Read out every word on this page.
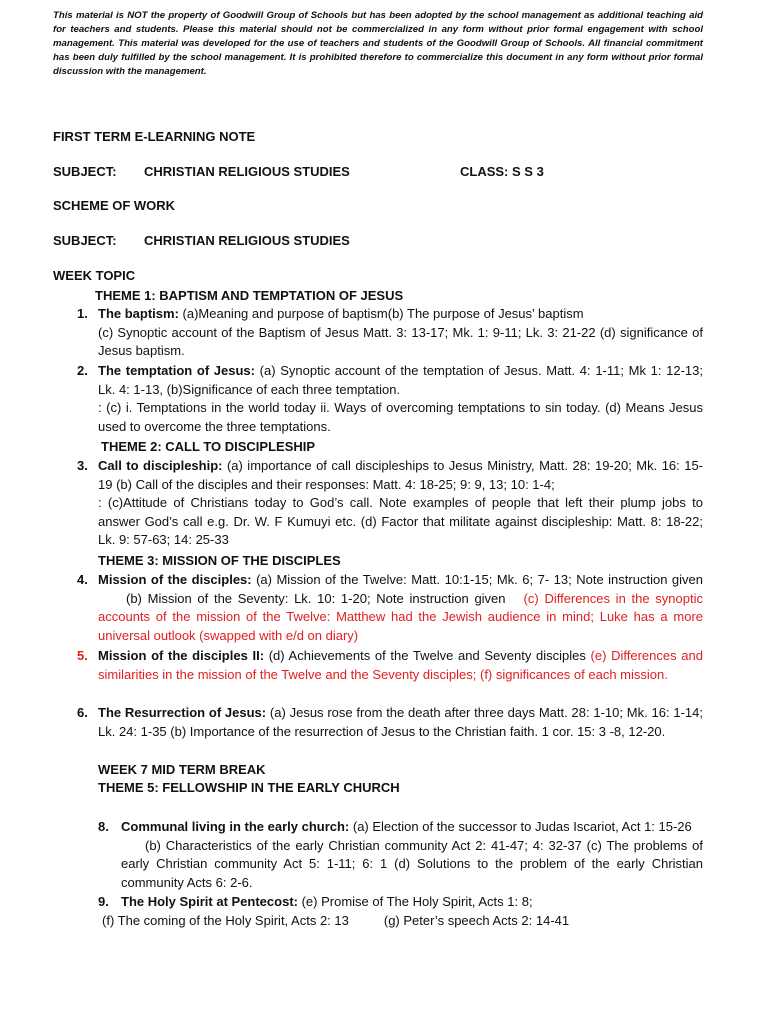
This material is NOT the property of Goodwill Group of Schools but has been adopted by the school management as additional teaching aid for teachers and students. Please this material should not be commercialized in any form without prior formal engagement with school management. This material was developed for the use of teachers and students of the Goodwill Group of Schools. All financial commitment has been duly fulfilled by the school management. It is prohibited therefore to commercialize this document in any form without prior formal discussion with the management.

FIRST TERM E-LEARNING NOTE
SUBJECT: CHRISTIAN RELIGIOUS STUDIES	CLASS: S S 3
SCHEME OF WORK
SUBJECT: CHRISTIAN RELIGIOUS STUDIES
WEEK TOPIC
THEME 1: BAPTISM AND TEMPTATION OF JESUS
1. The baptism: (a)Meaning and purpose of baptism(b) The purpose of Jesus’ baptism
(c) Synoptic account of the Baptism of Jesus Matt. 3: 13-17; Mk. 1: 9-11; Lk. 3: 21-22 (d) significance of Jesus baptism.

2. The temptation of Jesus: (a) Synoptic account of the temptation of Jesus. Matt. 4: 1-11; Mk 1: 12-13; Lk. 4: 1-13, (b)Significance of each three temptation.
: (c) i. Temptations in the world today ii. Ways of overcoming temptations to sin today. (d) Means Jesus used to overcome the three temptations.

THEME 2: CALL TO DISCIPLESHIP
3. Call to discipleship: (a) importance of call discipleships to Jesus Ministry, Matt. 28: 19-20; Mk. 16: 15-19 (b) Call of the disciples and their responses: Matt. 4: 18-25; 9: 9, 13; 10: 1-4;
: (c)Attitude of Christians today to God’s call. Note examples of people that left their plump jobs to answer God’s call e.g. Dr. W. F Kumuyi etc. (d) Factor that militate against discipleship: Matt. 8: 18-22; Lk. 9: 57-63; 14: 25-33

THEME 3: MISSION OF THE DISCIPLES
4. Mission of the disciples: (a) Mission of the Twelve: Matt. 10:1-15; Mk. 6; 7- 13; Note instruction given(b) Mission of the Seventy: Lk. 10: 1-20; Note instruction given (c) Differences in the synoptic accounts of the mission of the Twelve: Matthew had the Jewish audience in mind; Luke has a more universal outlook (swapped with e/d on diary)

5. Mission of the disciples II: (d) Achievements of the Twelve and Seventy disciples (e) Differences and similarities in the mission of the Twelve and the Seventy disciples; (f) significances of each mission.

6. The Resurrection of Jesus: (a) Jesus rose from the death after three days Matt. 28: 1-10; Mk. 16: 1-14; Lk. 24: 1-35 (b) Importance of the resurrection of Jesus to the Christian faith. 1 cor. 15: 3 -8, 12-20.

WEEK 7 MID TERM BREAK
THEME 5: FELLOWSHIP IN THE EARLY CHURCH
8. Communal living in the early church: (a) Election of the successor to Judas Iscariot, Act 1: 15-26
(b) Characteristics of the early Christian community Act 2: 41-47; 4: 32-37 (c) The problems of early Christian community Act 5: 1-11; 6: 1 (d) Solutions to the problem of the early Christian community Acts 6: 2-6.

9. The Holy Spirit at Pentecost: (e) Promise of The Holy Spirit, Acts 1: 8;

(f) The coming of the Holy Spirit, Acts 2: 13	(g) Peter’s speech Acts 2: 14-41
